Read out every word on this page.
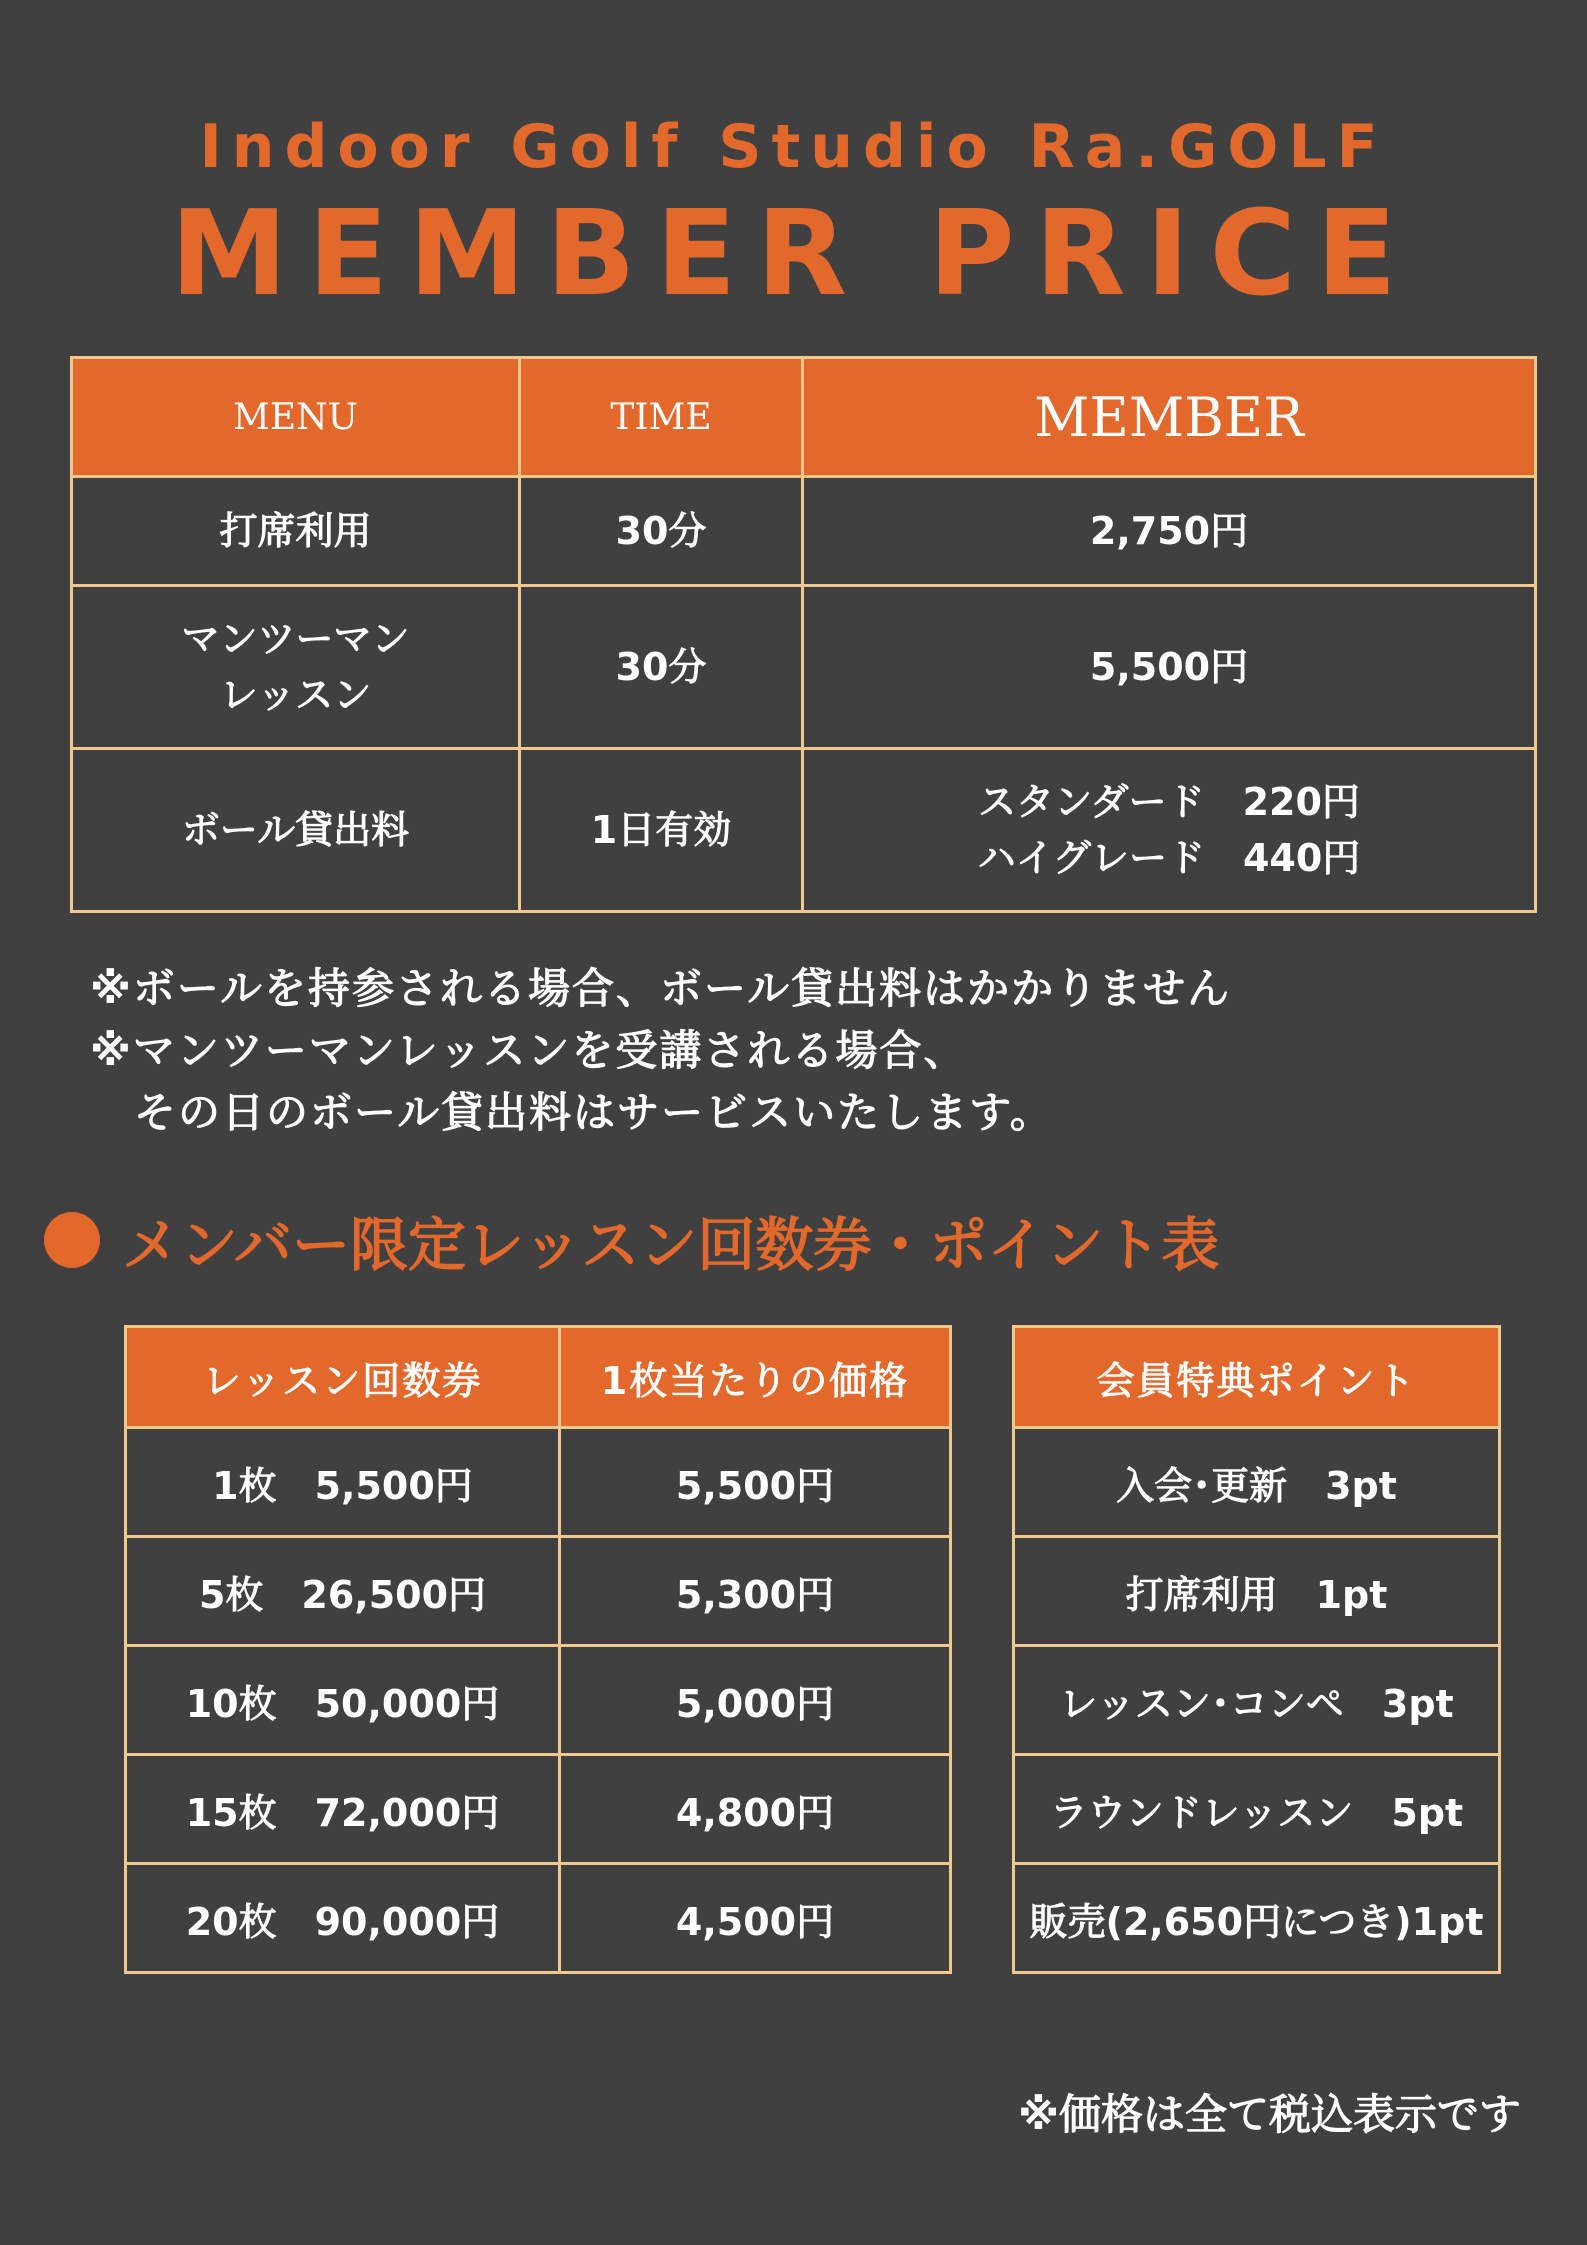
Indoor Golf Studio Ra.GOLF
MEMBER PRICE
MENU	TIME	MEMBER
打席利用	30分	2,750円

マンツーマン
レッスン	30分	5,500円
ボール貸出料	1日有効	スタンダード　220円
ハイグレード　440円
※ボールを持参される場合、ボール貸出料はかかりません
※マンツーマンレッスンを受講される場合、
その日のボール貸出料はサービスいたします。
メンバー限定レッスン回数券・ポイント表
レッスン回数券	1枚当たりの価格
1枚　5,500円	5,500円
5枚　26,500円	5,300円
10枚　50,000円	5,000円
15枚　72,000円	4,800円
20枚　90,000円	4,500円
会員特典ポイント
入会･更新　3pt
打席利用　1pt
レッスン･コンペ　3pt
ラウンドレッスン　5pt
販売(2,650円につき)1pt
※価格は全て税込表示です
